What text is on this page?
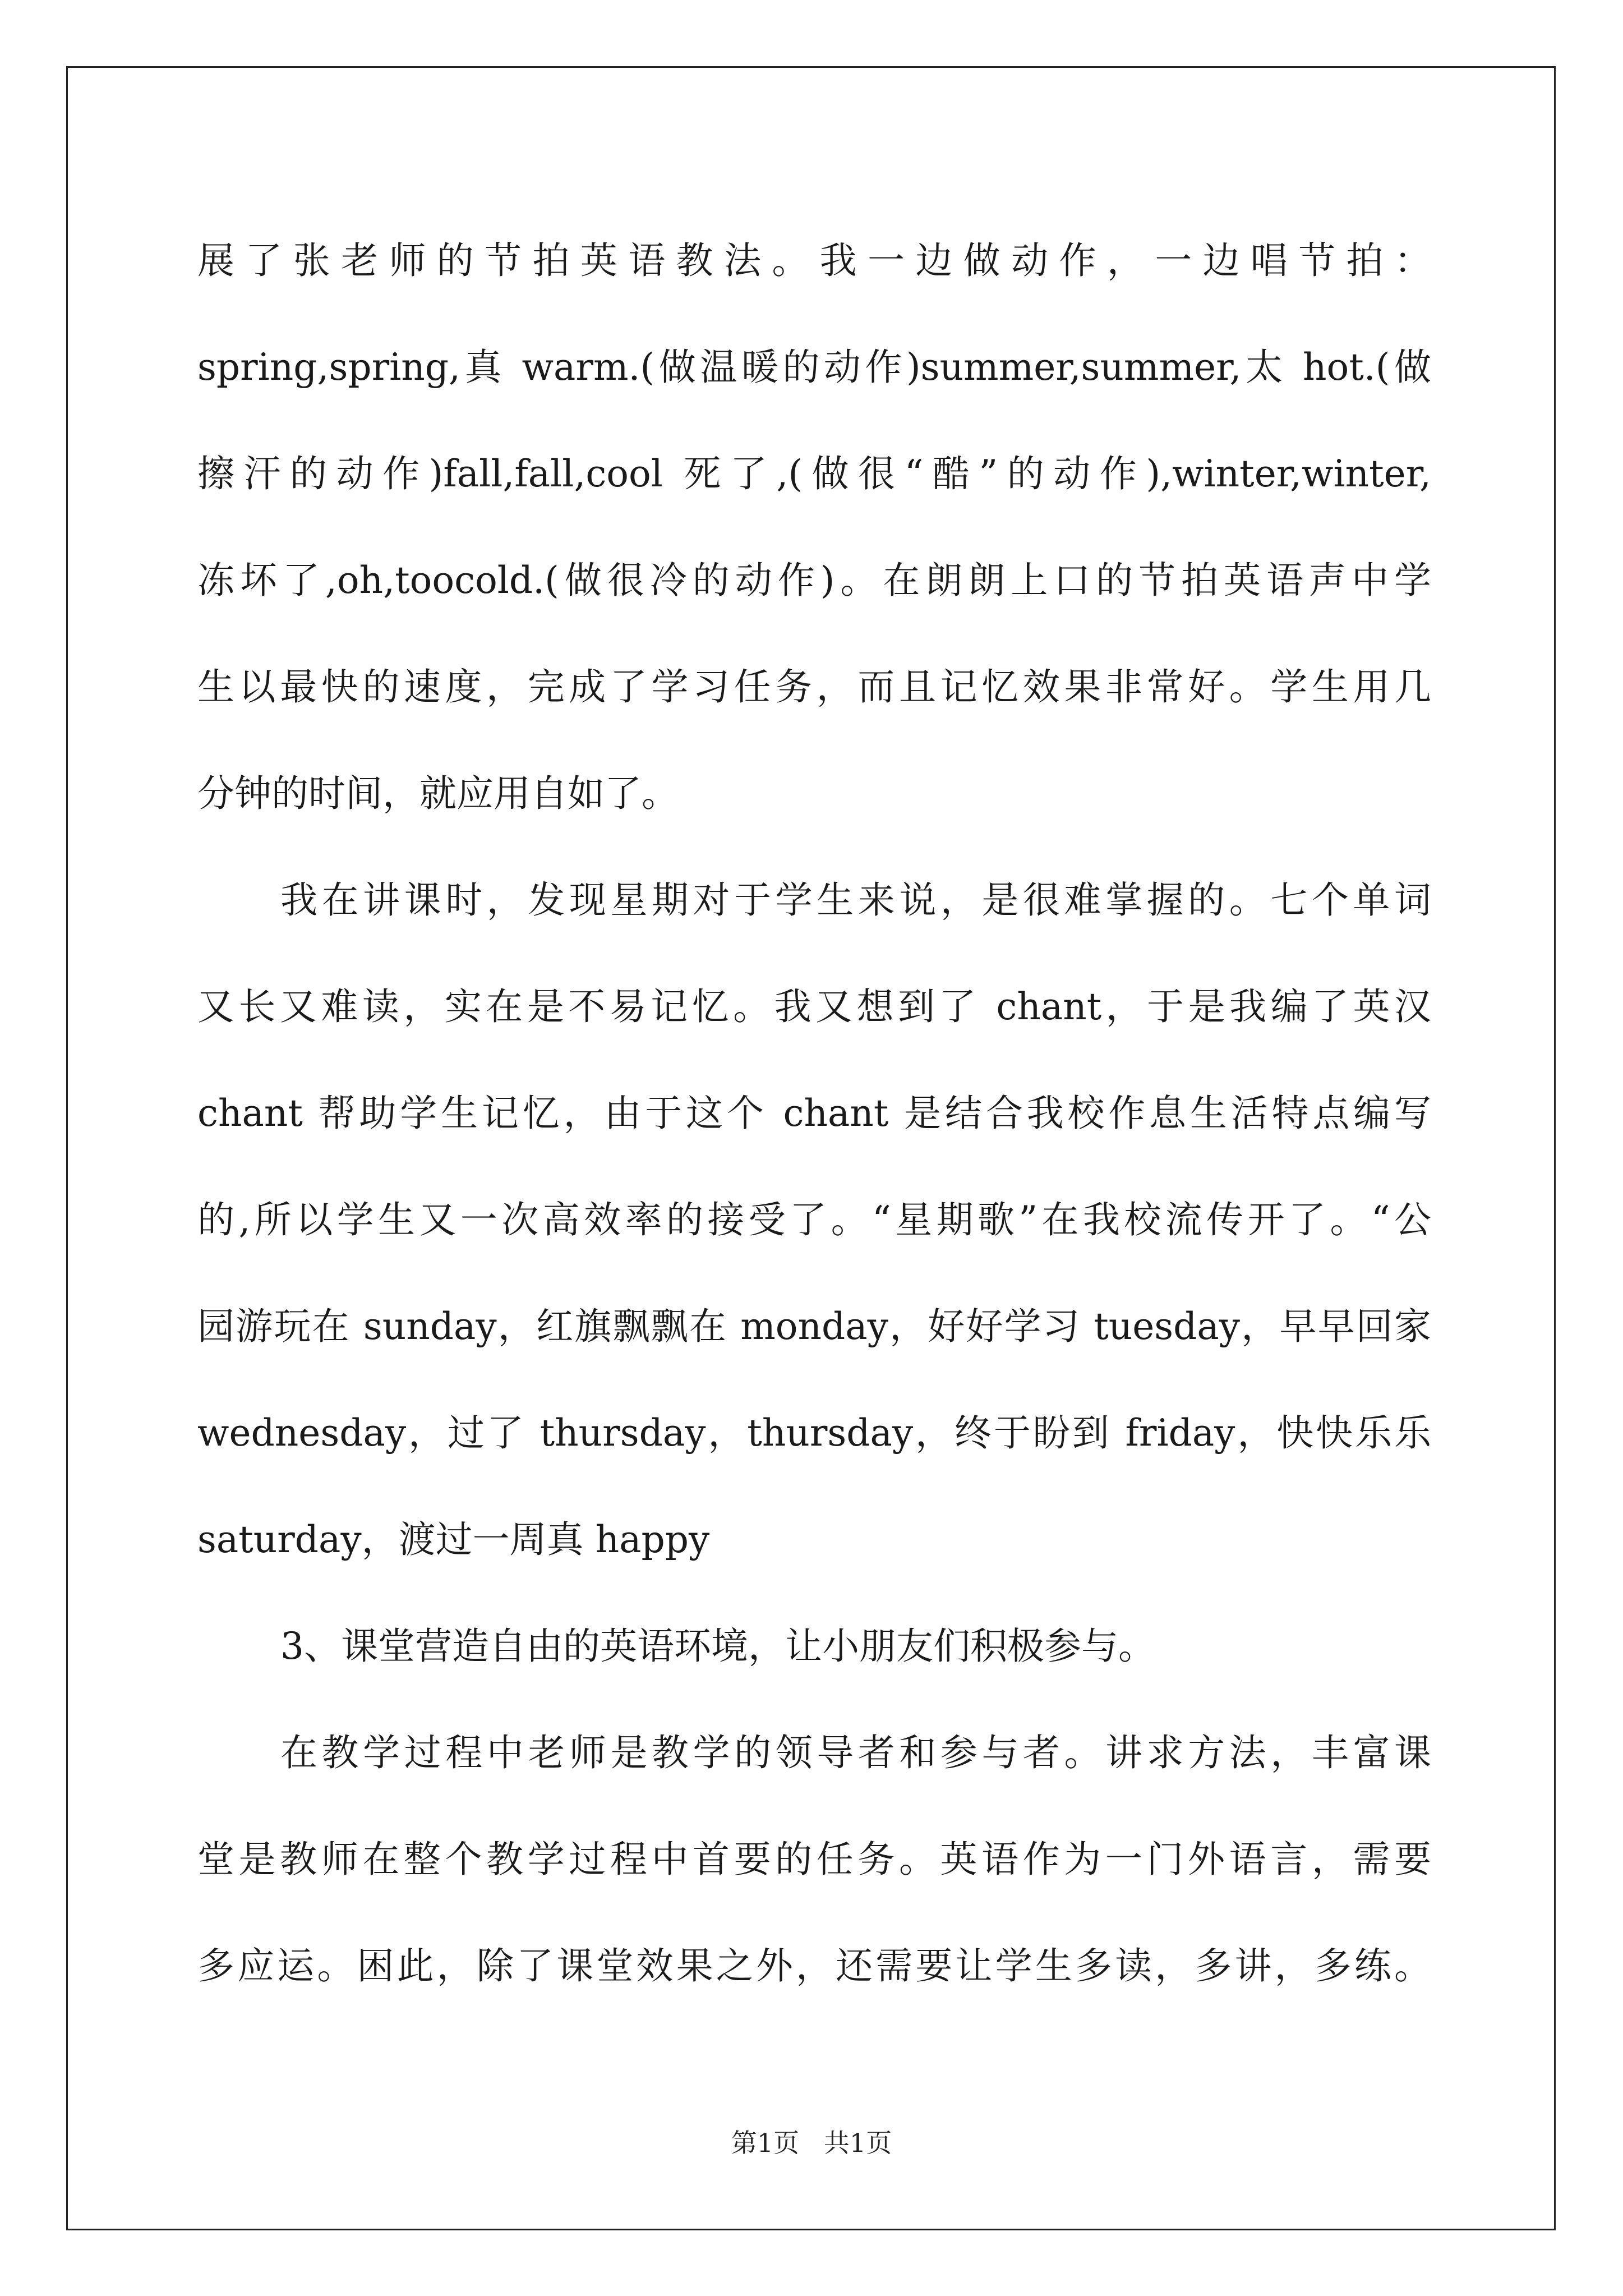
展了张老师的节拍英语教法。我一边做动作，一边唱节拍：
spring,spring,真 warm.(做温暖的动作)summer,summer,太 hot.(做
擦汗的动作)fall,fall,cool 死了,(做很“酷”的动作),winter,winter,
冻坏了,oh,toocold.(做很冷的动作)。在朗朗上口的节拍英语声中学
生以最快的速度，完成了学习任务，而且记忆效果非常好。学生用几
分钟的时间，就应用自如了。
我在讲课时，发现星期对于学生来说，是很难掌握的。七个单词
又长又难读，实在是不易记忆。我又想到了 chant，于是我编了英汉
chant 帮助学生记忆，由于这个 chant 是结合我校作息生活特点编写
的,所以学生又一次高效率的接受了。“星期歌”在我校流传开了。“公
园游玩在 sunday，红旗飘飘在 monday，好好学习 tuesday，早早回家
wednesday，过了 thursday，thursday，终于盼到 friday，快快乐乐
saturday，渡过一周真 happy
3、课堂营造自由的英语环境，让小朋友们积极参与。
在教学过程中老师是教学的领导者和参与者。讲求方法，丰富课
堂是教师在整个教学过程中首要的任务。英语作为一门外语言，需要
多应运。困此，除了课堂效果之外，还需要让学生多读，多讲，多练。
第1页   共1页
